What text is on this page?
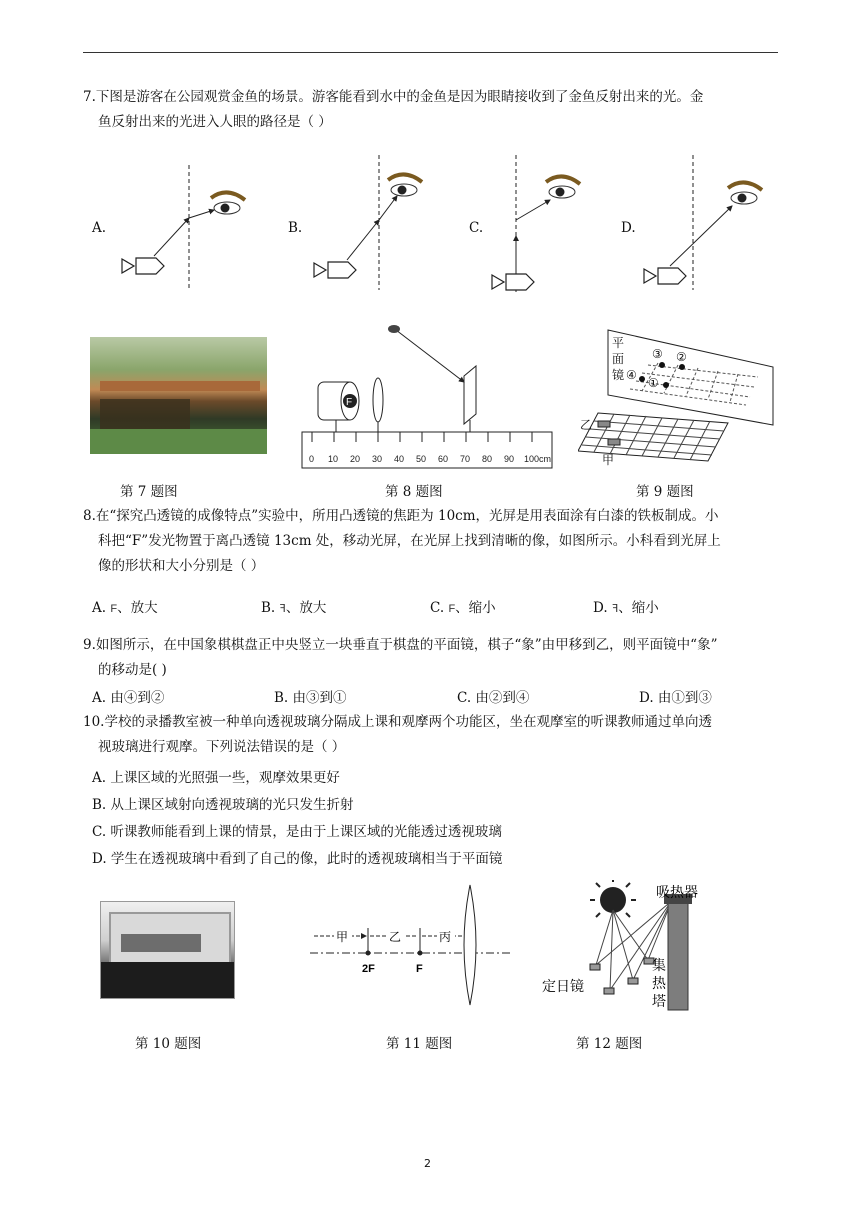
7.下图是游客在公园观赏金鱼的场景。游客能看到水中的金鱼是因为眼睛接收到了金鱼反射出来的光。金
鱼反射出来的光进入人眼的路径是（ ）
A.	B.	C.	D.
0 10 20 30 40 50 60 70 80 90 100 cm
F
平
面
镜
③ ②
④
①
乙
甲
第 7 题图	第 8 题图	第 9 题图
8.在“探究凸透镜的成像特点”实验中，所用凸透镜的焦距为 10cm，光屏是用表面涂有白漆的铁板制成。小
科把“F”发光物置于离凸透镜 13cm 处，移动光屏，在光屏上找到清晰的像，如图所示。小科看到光屏上
像的形状和大小分别是（ ）
A. F、放大	B. ꟻ、放大	C. F、缩小	D. ꟻ、缩小
9.如图所示，在中国象棋棋盘正中央竖立一块垂直于棋盘的平面镜，棋子“象”由甲移到乙，则平面镜中“象”
的移动是( )
A. 由④到②	B. 由③到①	C. 由②到④	D. 由①到③
10.学校的录播教室被一种单向透视玻璃分隔成上课和观摩两个功能区，坐在观摩室的听课教师通过单向透
视玻璃进行观摩。下列说法错误的是（ ）
A. 上课区域的光照强一些，观摩效果更好
B. 从上课区域射向透视玻璃的光只发生折射
C. 听课教师能看到上课的情景，是由于上课区域的光能透过透视玻璃
D. 学生在透视玻璃中看到了自己的像，此时的透视玻璃相当于平面镜
甲	乙	丙
2F	F
吸热器
定日镜
集
热
塔
第 10 题图	第 11 题图	第 12 题图
2
